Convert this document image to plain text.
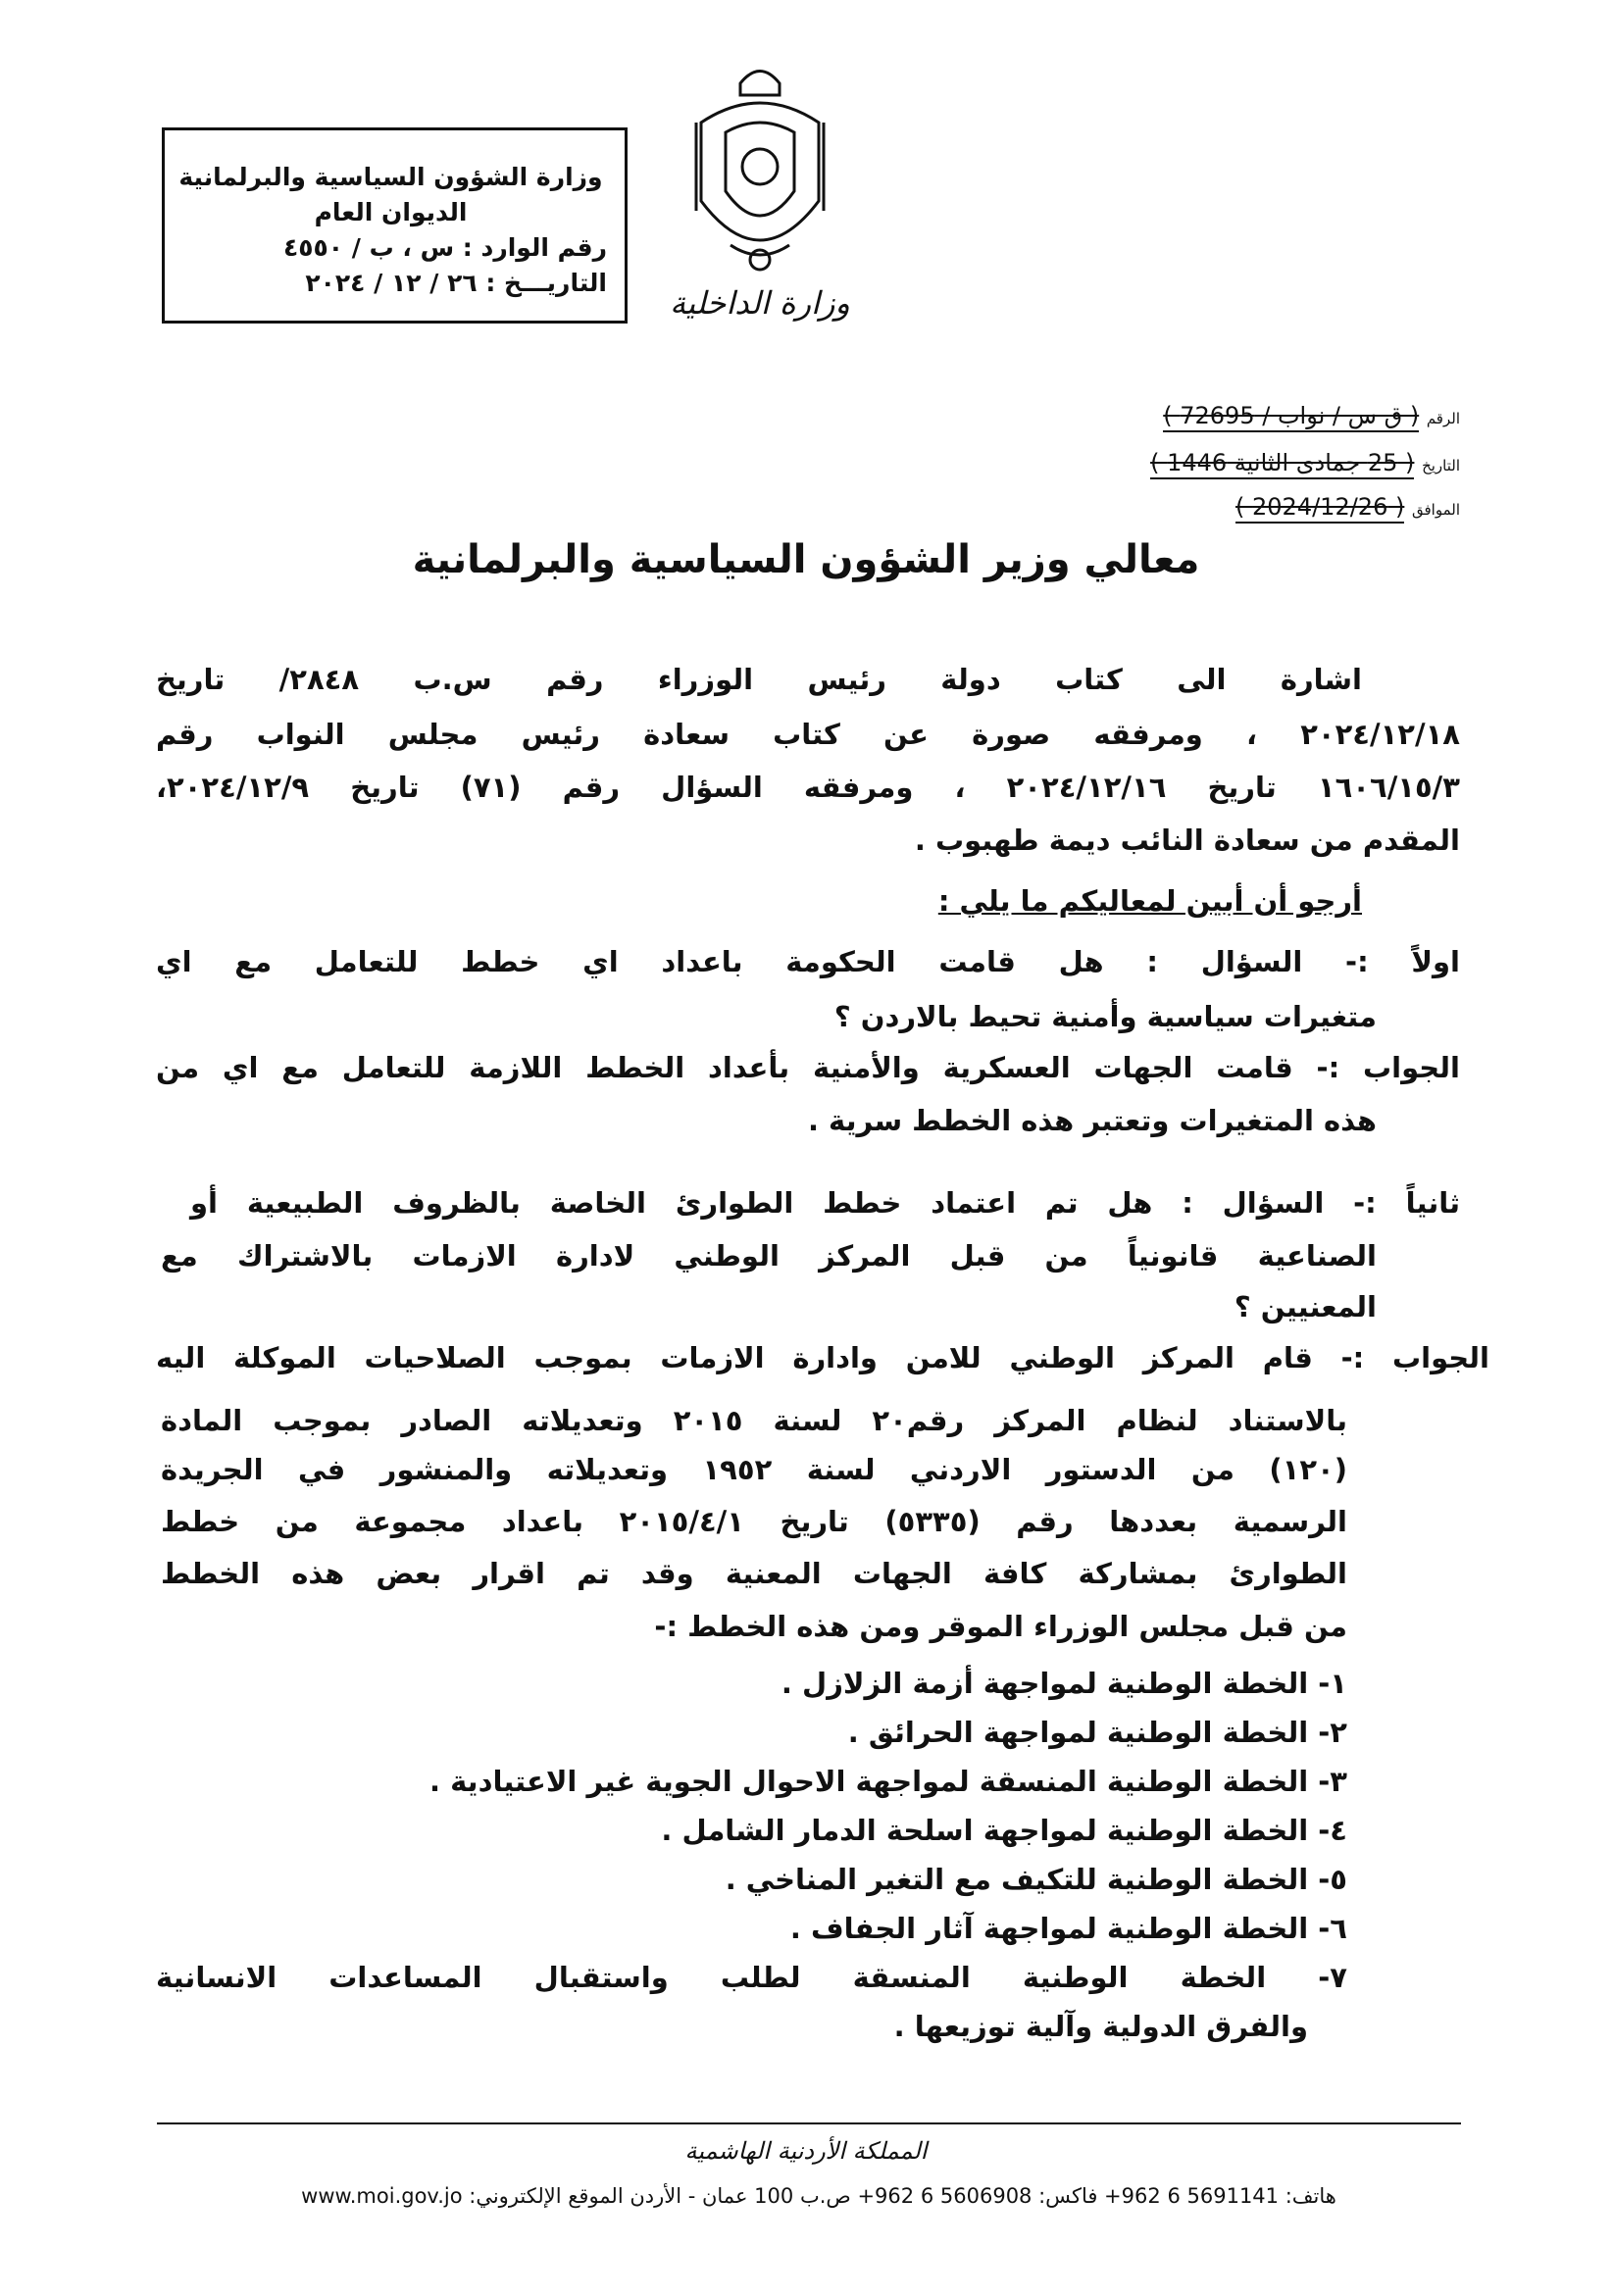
وزارة الشؤون السياسية والبرلمانية
الديوان العام
رقم الوارد : س ، ب / ٤٥٥٠
التاريـــخ : ٢٦ / ١٢ / ٢٠٢٤
وزارة الداخلية
الرقم ( ق س / نواب / 72695 )
التاريخ ( 25 جمادى الثانية 1446 )
الموافق ( 2024/12/26 )
معالي وزير الشؤون السياسية والبرلمانية
اشارة الى كتاب دولة رئيس الوزراء رقم س.ب ٢٨٤٨/ تاريخ
٢٠٢٤/١٢/١٨ ، ومرفقه صورة عن كتاب سعادة رئيس مجلس النواب رقم
١٦٠٦/١٥/٣ تاريخ ٢٠٢٤/١٢/١٦ ، ومرفقه السؤال رقم (٧١) تاريخ ٢٠٢٤/١٢/٩،
المقدم من سعادة النائب ديمة طهبوب .
أرجو أن أبين لمعاليكم ما يلي :
اولاً :- السؤال : هل قامت الحكومة باعداد اي خطط للتعامل مع اي
متغيرات سياسية وأمنية تحيط بالاردن ؟
الجواب :- قامت الجهات العسكرية والأمنية بأعداد الخطط اللازمة للتعامل مع اي من
هذه المتغيرات وتعتبر هذه الخطط سرية .
ثانياً :- السؤال : هل تم اعتماد خطط الطوارئ الخاصة بالظروف الطبيعية أو
الصناعية قانونياً من قبل المركز الوطني لادارة الازمات بالاشتراك مع
المعنيين ؟
الجواب :- قام المركز الوطني للامن وادارة الازمات بموجب الصلاحيات الموكلة اليه
بالاستناد لنظام المركز رقم٢٠ لسنة ٢٠١٥ وتعديلاته الصادر بموجب المادة
(١٢٠) من الدستور الاردني لسنة ١٩٥٢ وتعديلاته والمنشور في الجريدة
الرسمية بعددها رقم (٥٣٣٥) تاريخ ٢٠١٥/٤/١ باعداد مجموعة من خطط
الطوارئ بمشاركة كافة الجهات المعنية وقد تم اقرار بعض هذه الخطط
من قبل مجلس الوزراء الموقر ومن هذه الخطط :-
١- الخطة الوطنية لمواجهة أزمة الزلازل .
٢- الخطة الوطنية لمواجهة الحرائق .
٣- الخطة الوطنية المنسقة لمواجهة الاحوال الجوية غير الاعتيادية .
٤- الخطة الوطنية لمواجهة اسلحة الدمار الشامل .
٥- الخطة الوطنية للتكيف مع التغير المناخي .
٦- الخطة الوطنية لمواجهة آثار الجفاف .
٧- الخطة الوطنية المنسقة لطلب واستقبال المساعدات الانسانية
والفرق الدولية وآلية توزيعها .
المملكة الأردنية الهاشمية
هاتف: 5691141 6 962+ فاكس: 5606908 6 962+ ص.ب 100 عمان - الأردن الموقع الإلكتروني: www.moi.gov.jo
